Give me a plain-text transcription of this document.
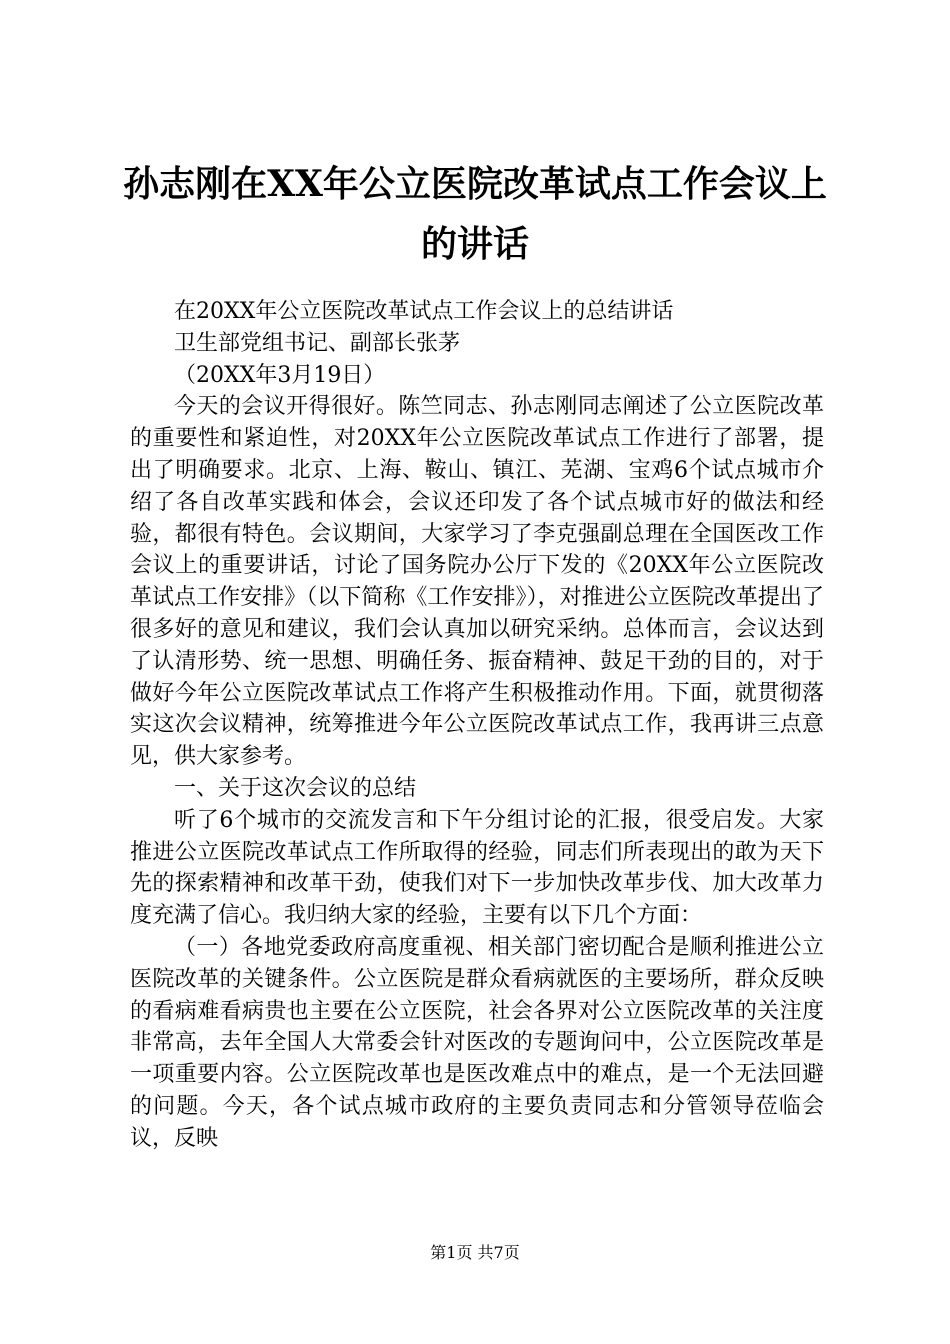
孙志刚在XX年公立医院改革试点工作会议上
的讲话

在20XX年公立医院改革试点工作会议上的总结讲话

卫生部党组书记、副部长张茅

（20XX年3月19日）

今天的会议开得很好。陈竺同志、孙志刚同志阐述了公立医院改革的重要性和紧迫性，对20XX年公立医院改革试点工作进行了部署，提出了明确要求。北京、上海、鞍山、镇江、芜湖、宝鸡6个试点城市介绍了各自改革实践和体会，会议还印发了各个试点城市好的做法和经验，都很有特色。会议期间，大家学习了李克强副总理在全国医改工作会议上的重要讲话，讨论了国务院办公厅下发的《20XX年公立医院改革试点工作安排》（以下简称《工作安排》），对推进公立医院改革提出了很多好的意见和建议，我们会认真加以研究采纳。总体而言，会议达到了认清形势、统一思想、明确任务、振奋精神、鼓足干劲的目的，对于做好今年公立医院改革试点工作将产生积极推动作用。下面，就贯彻落实这次会议精神，统筹推进今年公立医院改革试点工作，我再讲三点意见，供大家参考。

一、关于这次会议的总结

听了6个城市的交流发言和下午分组讨论的汇报，很受启发。大家推进公立医院改革试点工作所取得的经验，同志们所表现出的敢为天下先的探索精神和改革干劲，使我们对下一步加快改革步伐、加大改革力度充满了信心。我归纳大家的经验，主要有以下几个方面：

（一）各地党委政府高度重视、相关部门密切配合是顺利推进公立医院改革的关键条件。公立医院是群众看病就医的主要场所，群众反映的看病难看病贵也主要在公立医院，社会各界对公立医院改革的关注度非常高，去年全国人大常委会针对医改的专题询问中，公立医院改革是一项重要内容。公立医院改革也是医改难点中的难点，是一个无法回避的问题。今天，各个试点城市政府的主要负责同志和分管领导莅临会议，反映

第1页 共7页
